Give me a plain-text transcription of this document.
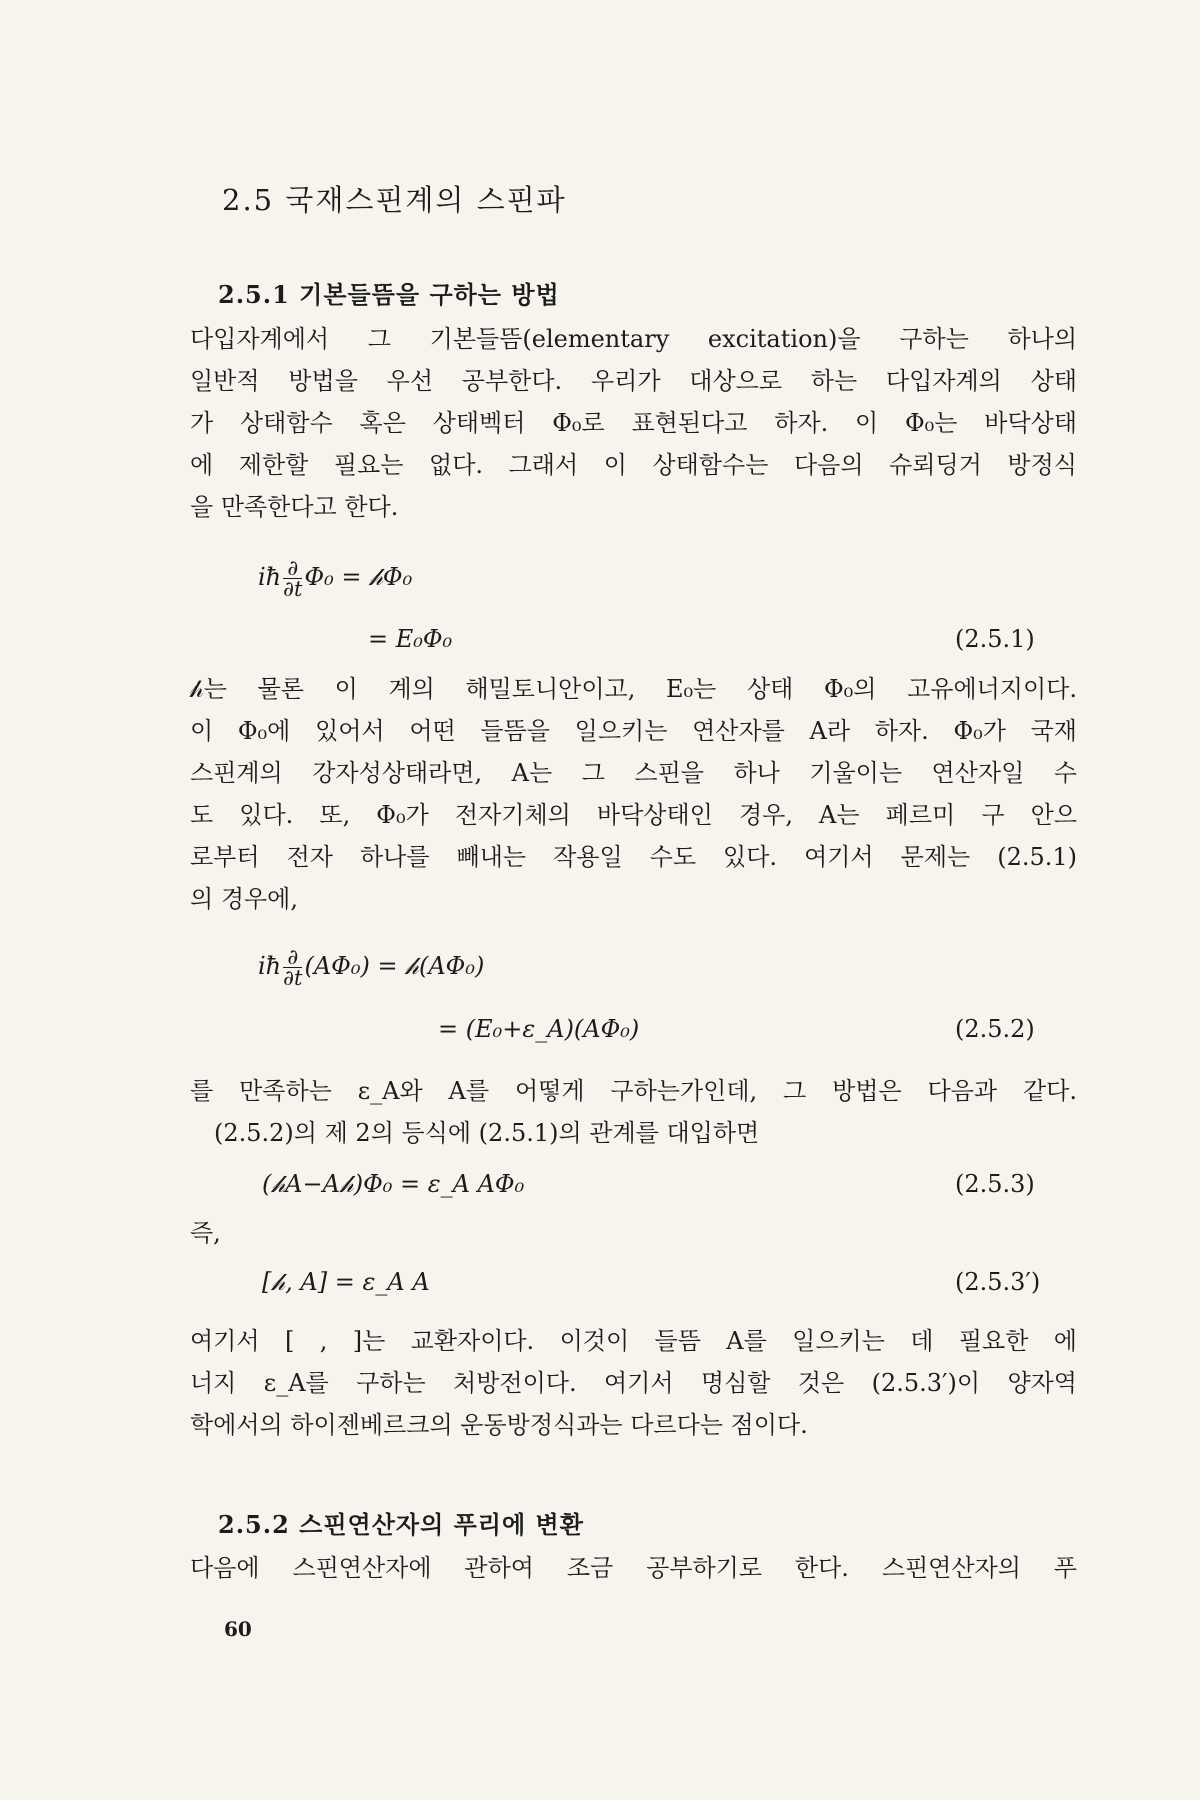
2.5 국재스핀계의 스핀파
2.5.1 기본들뜸을 구하는 방법
다입자계에서 그 기본들뜸(elementary excitation)을 구하는 하나의
일반적 방법을 우선 공부한다. 우리가 대상으로 하는 다입자계의 상태
가 상태함수 혹은 상태벡터 Φ₀로 표현된다고 하자. 이 Φ₀는 바닥상태
에 제한할 필요는 없다. 그래서 이 상태함수는 다음의 슈뢰딩거 방정식
을 만족한다고 한다.
iħ $\frac{\partial}{\partial t} \Phi_0$ = 𝒽Φ₀
= E₀Φ₀	(2.5.1)
𝒽는 물론 이 계의 해밀토니안이고, E₀는 상태 Φ₀의 고유에너지이다.
이 Φ₀에 있어서 어떤 들뜸을 일으키는 연산자를 A라 하자. Φ₀가 국재
스핀계의 강자성상태라면, A는 그 스핀을 하나 기울이는 연산자일 수
도 있다. 또, Φ₀가 전자기체의 바닥상태인 경우, A는 페르미 구 안으
로부터 전자 하나를 빼내는 작용일 수도 있다. 여기서 문제는 (2.5.1)
의 경우에,
iħ $\frac{\partial}{\partial t} (A\Phi_0)$ = 𝒽(AΦ₀)
= (E₀+ε_A)(AΦ₀)	(2.5.2)
를 만족하는 ε_A와 A를 어떻게 구하는가인데, 그 방법은 다음과 같다.
(2.5.2)의 제 2의 등식에 (2.5.1)의 관계를 대입하면
(𝒽A−A𝒽)Φ₀ = ε_A AΦ₀	(2.5.3)
즉,
[𝒽, A] = ε_A A	(2.5.3′)
여기서 [ , ]는 교환자이다. 이것이 들뜸 A를 일으키는 데 필요한 에
너지 ε_A를 구하는 처방전이다. 여기서 명심할 것은 (2.5.3′)이 양자역
학에서의 하이젠베르크의 운동방정식과는 다르다는 점이다.
2.5.2 스핀연산자의 푸리에 변환
다음에 스핀연산자에 관하여 조금 공부하기로 한다. 스핀연산자의 푸
60
